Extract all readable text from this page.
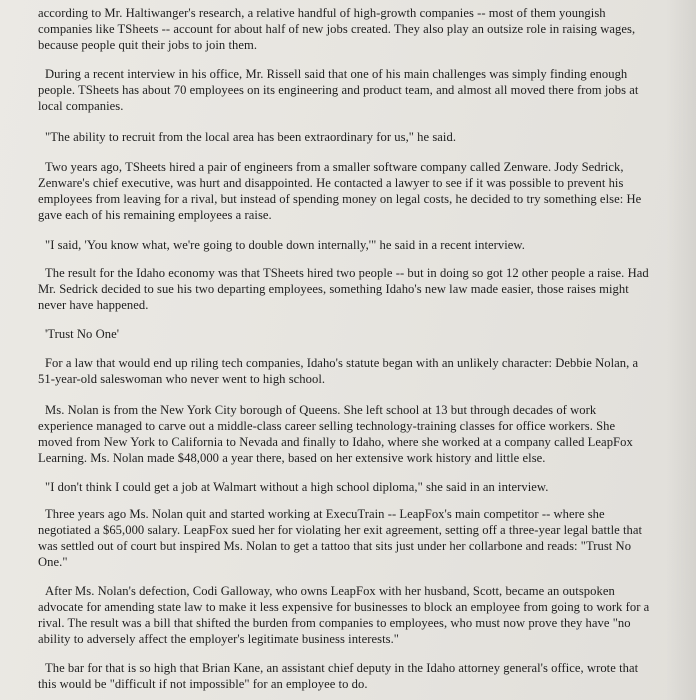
according to Mr. Haltiwanger's research, a relative handful of high-growth companies -- most of them youngish companies like TSheets -- account for about half of new jobs created. They also play an outsize role in raising wages, because people quit their jobs to join them.

During a recent interview in his office, Mr. Rissell said that one of his main challenges was simply finding enough people. TSheets has about 70 employees on its engineering and product team, and almost all moved there from jobs at local companies.

"The ability to recruit from the local area has been extraordinary for us," he said.

Two years ago, TSheets hired a pair of engineers from a smaller software company called Zenware. Jody Sedrick, Zenware's chief executive, was hurt and disappointed. He contacted a lawyer to see if it was possible to prevent his employees from leaving for a rival, but instead of spending money on legal costs, he decided to try something else: He gave each of his remaining employees a raise.

"I said, 'You know what, we're going to double down internally,'" he said in a recent interview.

The result for the Idaho economy was that TSheets hired two people -- but in doing so got 12 other people a raise. Had Mr. Sedrick decided to sue his two departing employees, something Idaho's new law made easier, those raises might never have happened.

'Trust No One'

For a law that would end up riling tech companies, Idaho's statute began with an unlikely character: Debbie Nolan, a 51-year-old saleswoman who never went to high school.

Ms. Nolan is from the New York City borough of Queens. She left school at 13 but through decades of work experience managed to carve out a middle-class career selling technology-training classes for office workers. She moved from New York to California to Nevada and finally to Idaho, where she worked at a company called LeapFox Learning. Ms. Nolan made $48,000 a year there, based on her extensive work history and little else.

"I don't think I could get a job at Walmart without a high school diploma," she said in an interview.

Three years ago Ms. Nolan quit and started working at ExecuTrain -- LeapFox's main competitor -- where she negotiated a $65,000 salary. LeapFox sued her for violating her exit agreement, setting off a three-year legal battle that was settled out of court but inspired Ms. Nolan to get a tattoo that sits just under her collarbone and reads: "Trust No One."

After Ms. Nolan's defection, Codi Galloway, who owns LeapFox with her husband, Scott, became an outspoken advocate for amending state law to make it less expensive for businesses to block an employee from going to work for a rival. The result was a bill that shifted the burden from companies to employees, who must now prove they have "no ability to adversely affect the employer's legitimate business interests."

The bar for that is so high that Brian Kane, an assistant chief deputy in the Idaho attorney general's office, wrote that this would be "difficult if not impossible" for an employee to do.
